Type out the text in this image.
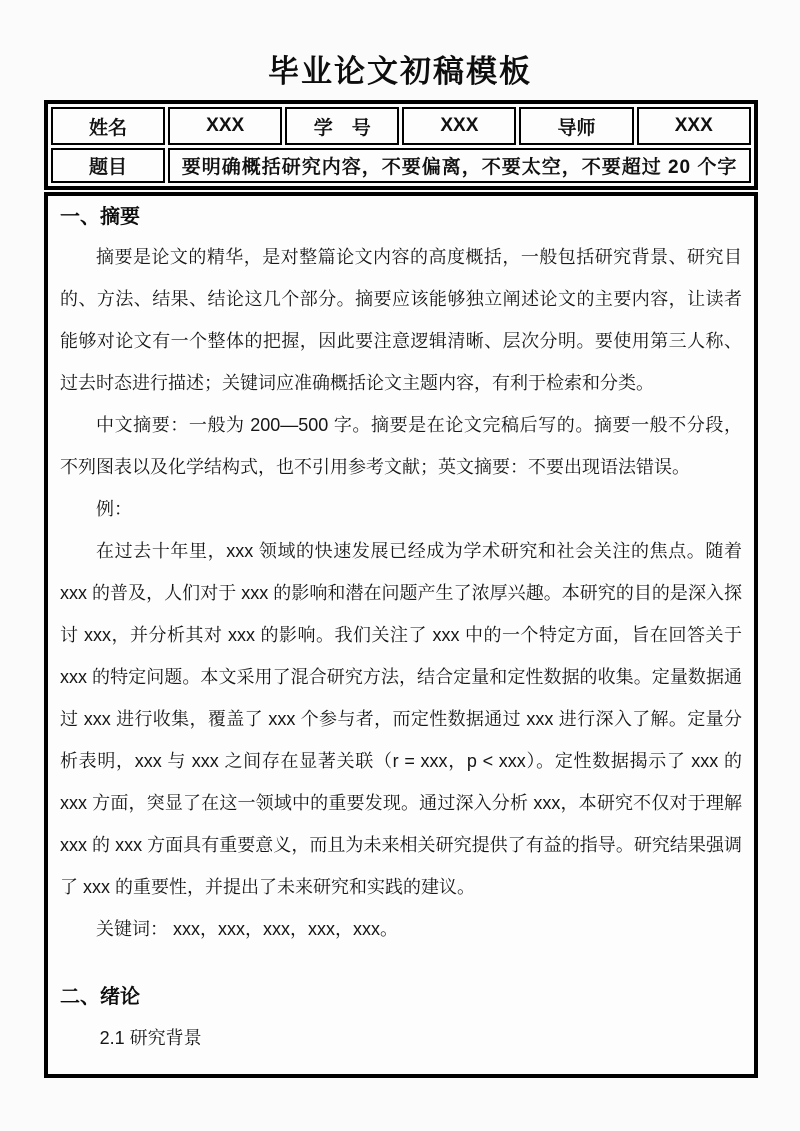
毕业论文初稿模板
姓名	XXX	学　号	XXX	导师	XXX
题目	要明确概括研究内容，不要偏离，不要太空，不要超过 20 个字				
一、摘要

摘要是论文的精华，是对整篇论文内容的高度概括，一般包括研究背景、研究目的、方法、结果、结论这几个部分。摘要应该能够独立阐述论文的主要内容，让读者能够对论文有一个整体的把握，因此要注意逻辑清晰、层次分明。要使用第三人称、过去时态进行描述；关键词应准确概括论文主题内容，有利于检索和分类。

中文摘要：一般为 200—500 字。摘要是在论文完稿后写的。摘要一般不分段，不列图表以及化学结构式，也不引用参考文献；英文摘要：不要出现语法错误。

例：

在过去十年里，xxx 领域的快速发展已经成为学术研究和社会关注的焦点。随着 xxx 的普及，人们对于 xxx 的影响和潜在问题产生了浓厚兴趣。本研究的目的是深入探讨 xxx，并分析其对 xxx 的影响。我们关注了 xxx 中的一个特定方面，旨在回答关于 xxx 的特定问题。本文采用了混合研究方法，结合定量和定性数据的收集。定量数据通过 xxx 进行收集，覆盖了 xxx 个参与者，而定性数据通过 xxx 进行深入了解。定量分析表明，xxx 与 xxx 之间存在显著关联（r = xxx，p < xxx）。定性数据揭示了 xxx 的 xxx 方面，突显了在这一领域中的重要发现。通过深入分析 xxx，本研究不仅对于理解 xxx 的 xxx 方面具有重要意义，而且为未来相关研究提供了有益的指导。研究结果强调了 xxx 的重要性，并提出了未来研究和实践的建议。

关键词： xxx，xxx，xxx，xxx，xxx。

二、绪论
2.1 研究背景
